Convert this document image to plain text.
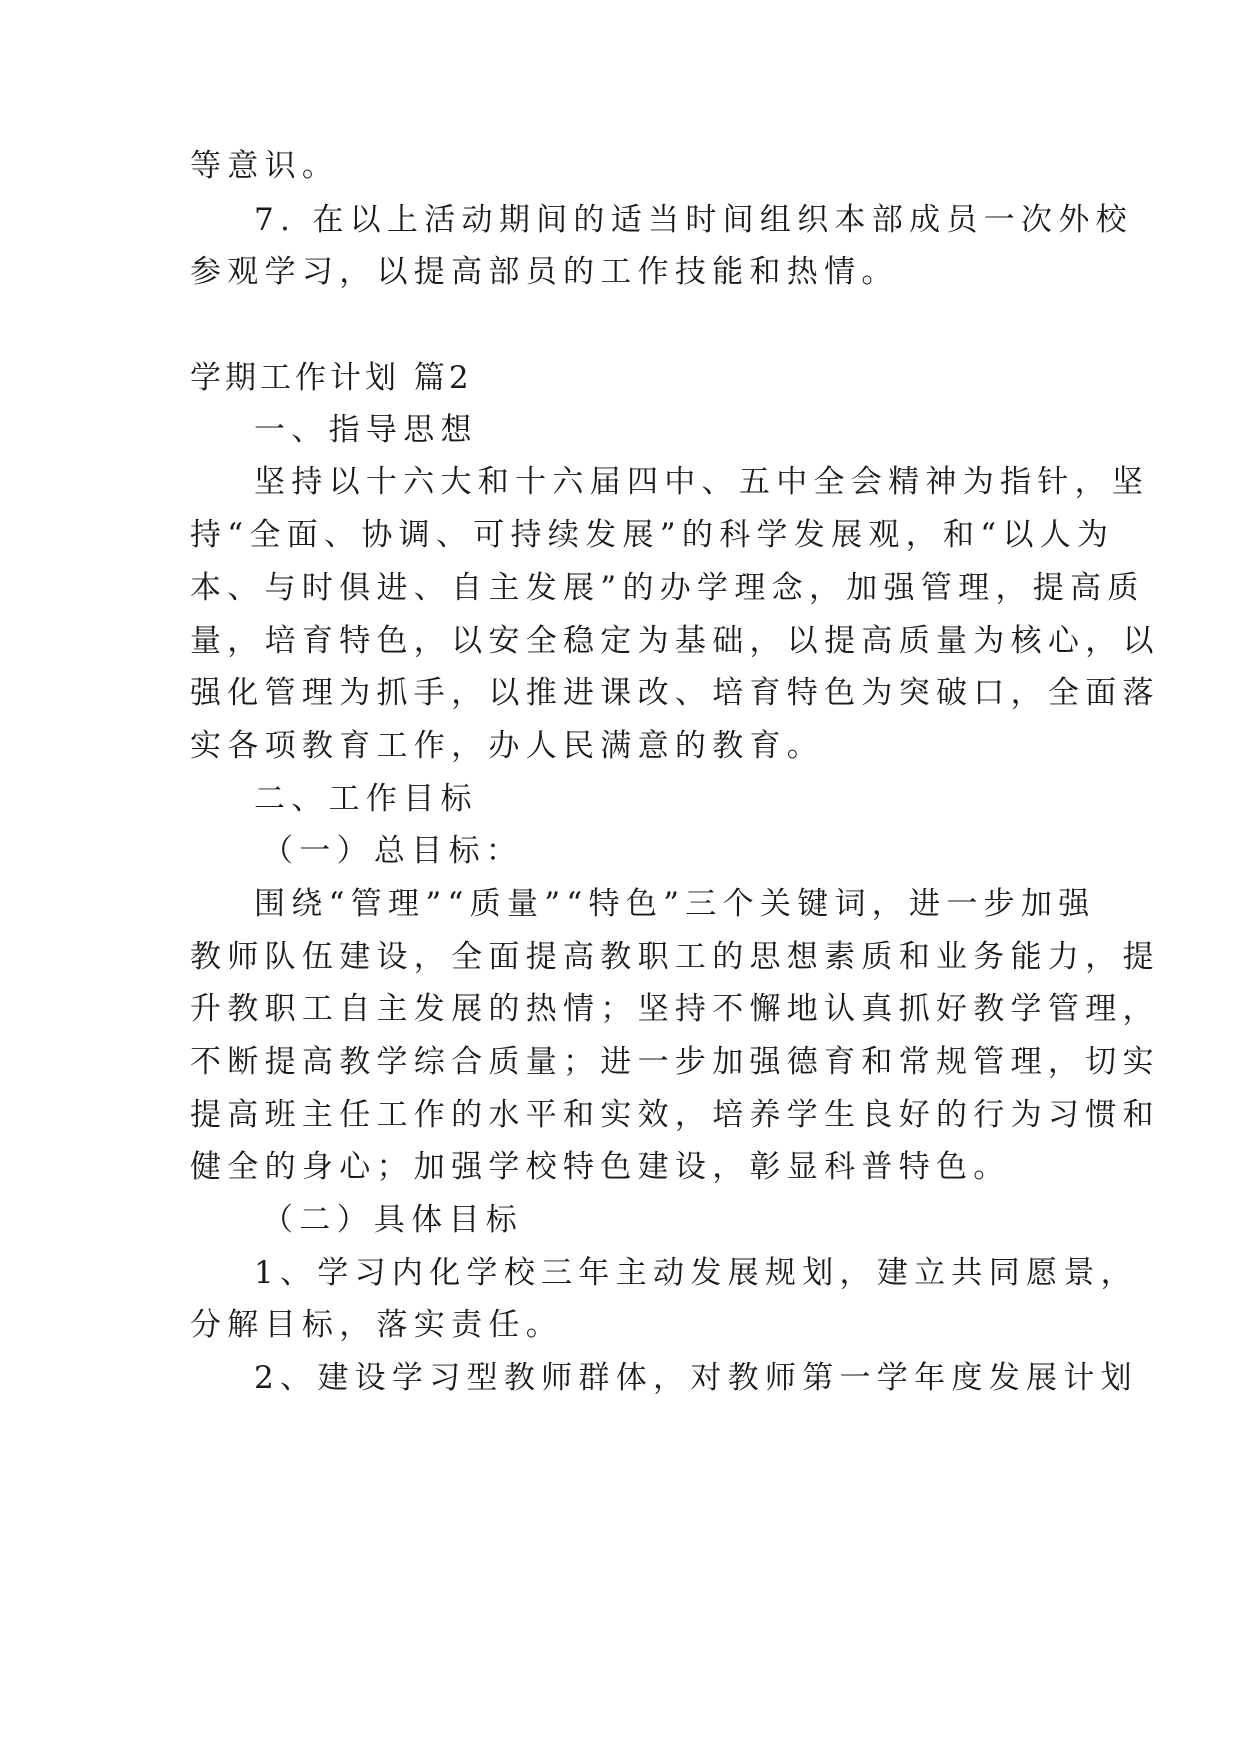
等意识。
7. 在以上活动期间的适当时间组织本部成员一次外校
参观学习，以提高部员的工作技能和热情。
学期工作计划 篇2
一、指导思想
坚持以十六大和十六届四中、五中全会精神为指针，坚
持“全面、协调、可持续发展”的科学发展观，和“以人为
本、与时俱进、自主发展”的办学理念，加强管理，提高质
量，培育特色，以安全稳定为基础，以提高质量为核心，以
强化管理为抓手，以推进课改、培育特色为突破口，全面落
实各项教育工作，办人民满意的教育。
二、工作目标
（一）总目标：
围绕“管理”“质量”“特色”三个关键词，进一步加强
教师队伍建设，全面提高教职工的思想素质和业务能力，提
升教职工自主发展的热情；坚持不懈地认真抓好教学管理，
不断提高教学综合质量；进一步加强德育和常规管理，切实
提高班主任工作的水平和实效，培养学生良好的行为习惯和
健全的身心；加强学校特色建设，彰显科普特色。
（二）具体目标
1、学习内化学校三年主动发展规划，建立共同愿景，
分解目标，落实责任。
2、建设学习型教师群体，对教师第一学年度发展计划
